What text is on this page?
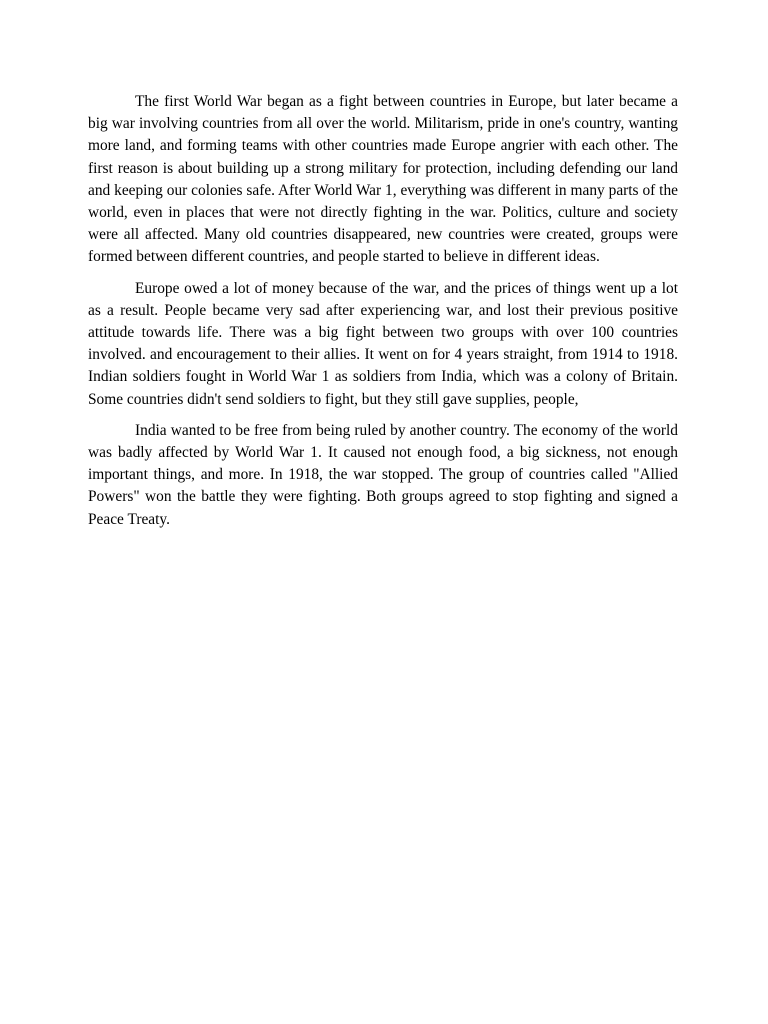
The first World War began as a fight between countries in Europe, but later became a big war involving countries from all over the world. Militarism, pride in one's country, wanting more land, and forming teams with other countries made Europe angrier with each other. The first reason is about building up a strong military for protection, including defending our land and keeping our colonies safe. After World War 1, everything was different in many parts of the world, even in places that were not directly fighting in the war. Politics, culture and society were all affected. Many old countries disappeared, new countries were created, groups were formed between different countries, and people started to believe in different ideas.

Europe owed a lot of money because of the war, and the prices of things went up a lot as a result. People became very sad after experiencing war, and lost their previous positive attitude towards life. There was a big fight between two groups with over 100 countries involved. and encouragement to their allies. It went on for 4 years straight, from 1914 to 1918. Indian soldiers fought in World War 1 as soldiers from India, which was a colony of Britain. Some countries didn't send soldiers to fight, but they still gave supplies, people,

India wanted to be free from being ruled by another country. The economy of the world was badly affected by World War 1. It caused not enough food, a big sickness, not enough important things, and more. In 1918, the war stopped. The group of countries called "Allied Powers" won the battle they were fighting. Both groups agreed to stop fighting and signed a Peace Treaty.
